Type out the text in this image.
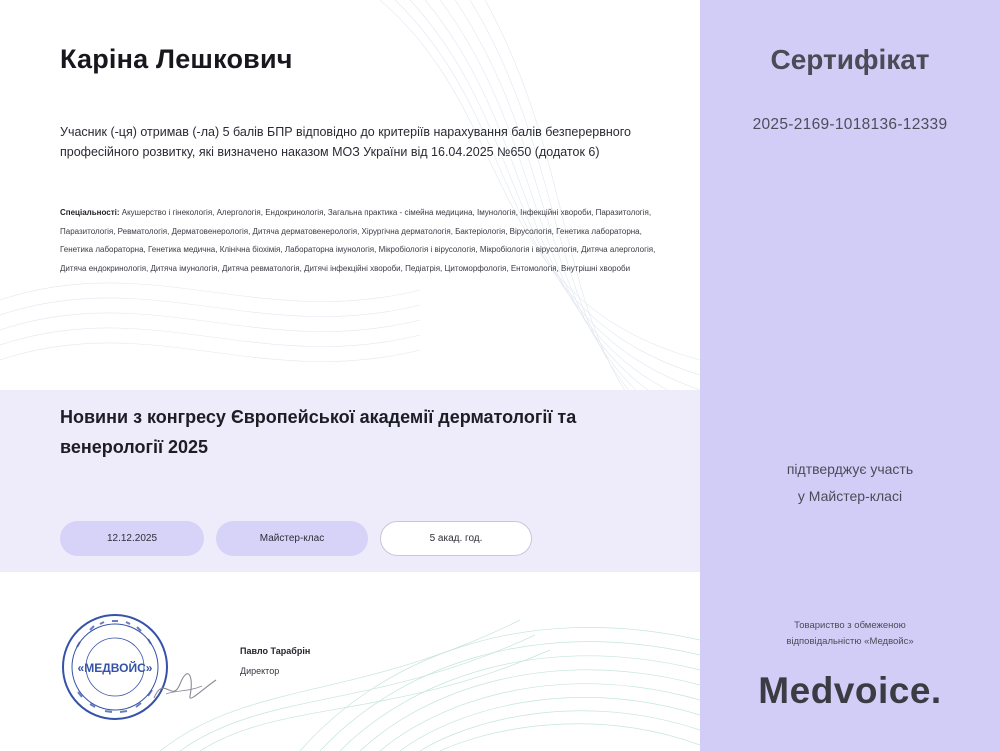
Каріна Лешкович
Учасник (-ця) отримав (-ла) 5 балів БПР відповідно до критеріїв нарахування балів безперервного професійного розвитку, які визначено наказом МОЗ України від 16.04.2025 №650 (додаток 6)
Спеціальності: Акушерство і гінекологія, Алергологія, Ендокринологія, Загальна практика - сімейна медицина, Імунологія, Інфекційні хвороби, Паразитологія, Паразитологія, Ревматологія, Дерматовенерологія, Дитяча дерматовенерологія, Хірургічна дерматологія, Бактеріологія, Вірусологія, Генетика лабораторна, Генетика лабораторна, Генетика медична, Клінічна біохімія, Лабораторна імунологія, Мікробіологія і вірусологія, Мікробіологія і вірусологія, Дитяча алергологія, Дитяча ендокринологія, Дитяча імунологія, Дитяча ревматологія, Дитячі інфекційні хвороби, Педіатрія, Цитоморфологія, Ентомологія, Внутрішні хвороби
Новини з конгресу Європейської академії дерматології та венерології 2025
12.12.2025	Майстер-клас	5 акад. год.
«МЕДВОЙС»
Павло Тарабрін
Директор
Сертифікат
2025-2169-1018136-12339
підтверджує участь
у Майстер-класі
Товариство з обмеженою
відповідальністю «Медвойс»
Medvoice.
